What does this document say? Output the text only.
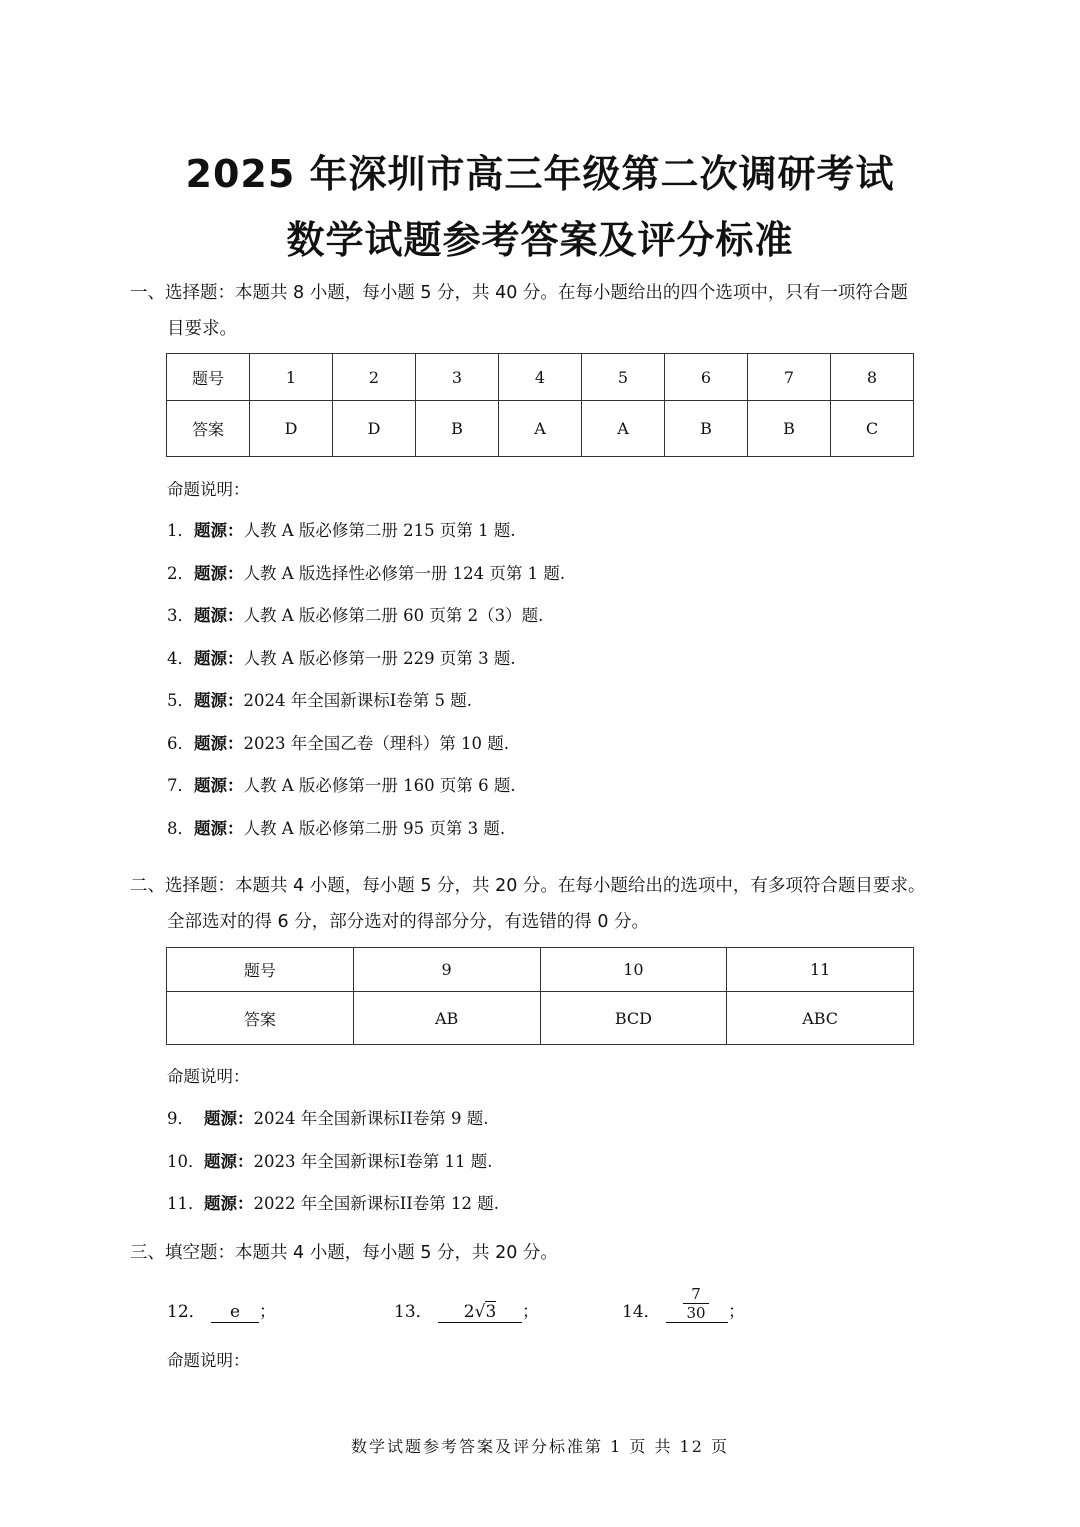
2025 年深圳市高三年级第二次调研考试
数学试题参考答案及评分标准
一、选择题：本题共 8 小题，每小题 5 分，共 40 分。在每小题给出的四个选项中，只有一项符合题
目要求。
题号	1	2	3	4	5	6	7	8
答案	D	D	B	A	A	B	B	C
命题说明：
1．题源：人教 A 版必修第二册 215 页第 1 题.
2．题源：人教 A 版选择性必修第一册 124 页第 1 题.
3．题源：人教 A 版必修第二册 60 页第 2（3）题.
4．题源：人教 A 版必修第一册 229 页第 3 题.
5．题源：2024 年全国新课标I卷第 5 题.
6．题源：2023 年全国乙卷（理科）第 10 题.
7．题源：人教 A 版必修第一册 160 页第 6 题.
8．题源：人教 A 版必修第二册 95 页第 3 题.
二、选择题：本题共 4 小题，每小题 5 分，共 20 分。在每小题给出的选项中，有多项符合题目要求。
全部选对的得 6 分，部分选对的得部分分，有选错的得 0 分。
题号	9	10	11
答案	AB	BCD	ABC
命题说明：
9． 题源：2024 年全国新课标II卷第 9 题.
10．题源：2023 年全国新课标I卷第 11 题.
11．题源：2022 年全国新课标II卷第 12 题.
三、填空题：本题共 4 小题，每小题 5 分，共 20 分。
12． e ；	13． 2√3 ；	14．	；
$\frac{7}{30}$
命题说明：
数学试题参考答案及评分标准第 1 页 共 12 页
